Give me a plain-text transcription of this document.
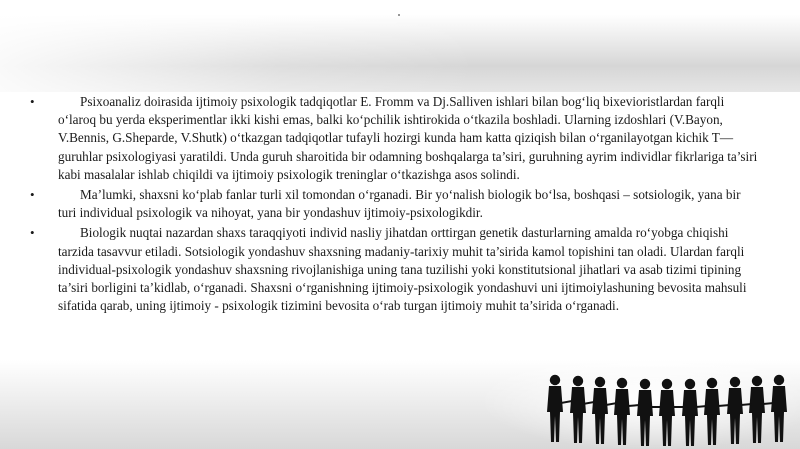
•	Psixoanaliz doirasida ijtimoiy psixologik tadqiqotlar E. Fromm va Dj.Salliven ishlari bilan bog‘liq bixevioristlardan farqli o‘laroq bu yerda eksperimentlar ikki kishi emas, balki ko‘pchilik ishtirokida o‘tkazila boshladi. Ularning izdoshlari (V.Bayon, V.Bennis, G.Sheparde, V.Shutk) o‘tkazgan tadqiqotlar tufayli hozirgi kunda ham katta qiziqish bilan o‘rganilayotgan kichik T—guruhlar psixologiyasi yaratildi. Unda guruh sharoitida bir odamning boshqalarga ta’siri, guruhning ayrim individlar fikrlariga ta’siri kabi masalalar ishlab chiqildi va ijtimoiy psixologik treninglar o‘tkazishga asos solindi.
•	Ma’lumki, shaxsni ko‘plab fanlar turli xil tomondan o‘rganadi. Bir yo‘nalish biologik bo‘lsa, boshqasi – sotsiologik, yana bir turi individual psixologik va nihoyat, yana bir yondashuv ijtimoiy-psixologikdir.
•	Biologik nuqtai nazardan shaxs taraqqiyoti individ nasliy jihatdan orttirgan genetik dasturlarning amalda ro‘yobga chiqishi tarzida tasavvur etiladi. Sotsiologik yondashuv shaxsning madaniy-tarixiy muhit ta’sirida kamol topishini tan oladi. Ulardan farqli individual-psixologik yondashuv shaxsning rivojlanishiga uning tana tuzilishi yoki konstitutsional jihatlari va asab tizimi tipining ta’siri borligini ta’kidlab, o‘rganadi. Shaxsni o‘rganishning ijtimoiy-psixologik yondashuvi uni ijtimoiylashuning bevosita mahsuli sifatida qarab, uning ijtimoiy - psixologik tizimini bevosita o‘rab turgan ijtimoiy muhit ta’sirida o‘rganadi.
